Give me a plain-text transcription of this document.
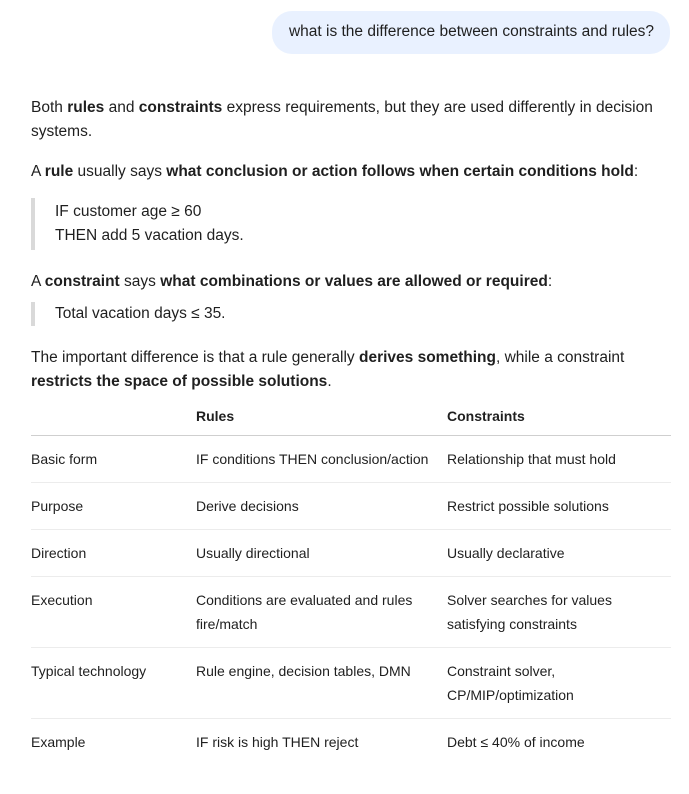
what is the difference between constraints and rules?

Both rules and constraints express requirements, but they are used differently in decision systems.

A rule usually says what conclusion or action follows when certain conditions hold:

IF customer age ≥ 60
THEN add 5 vacation days.

A constraint says what combinations or values are allowed or required:

Total vacation days ≤ 35.

The important difference is that a rule generally derives something, while a constraint restricts the space of possible solutions.

	Rules	Constraints
Basic form	IF conditions THEN conclusion/action	Relationship that must hold
Purpose	Derive decisions	Restrict possible solutions
Direction	Usually directional	Usually declarative
Execution	Conditions are evaluated and rules fire/match	Solver searches for values satisfying constraints
Typical technology	Rule engine, decision tables, DMN	Constraint solver, CP/MIP/optimization
Example	IF risk is high THEN reject	Debt ≤ 40% of income
